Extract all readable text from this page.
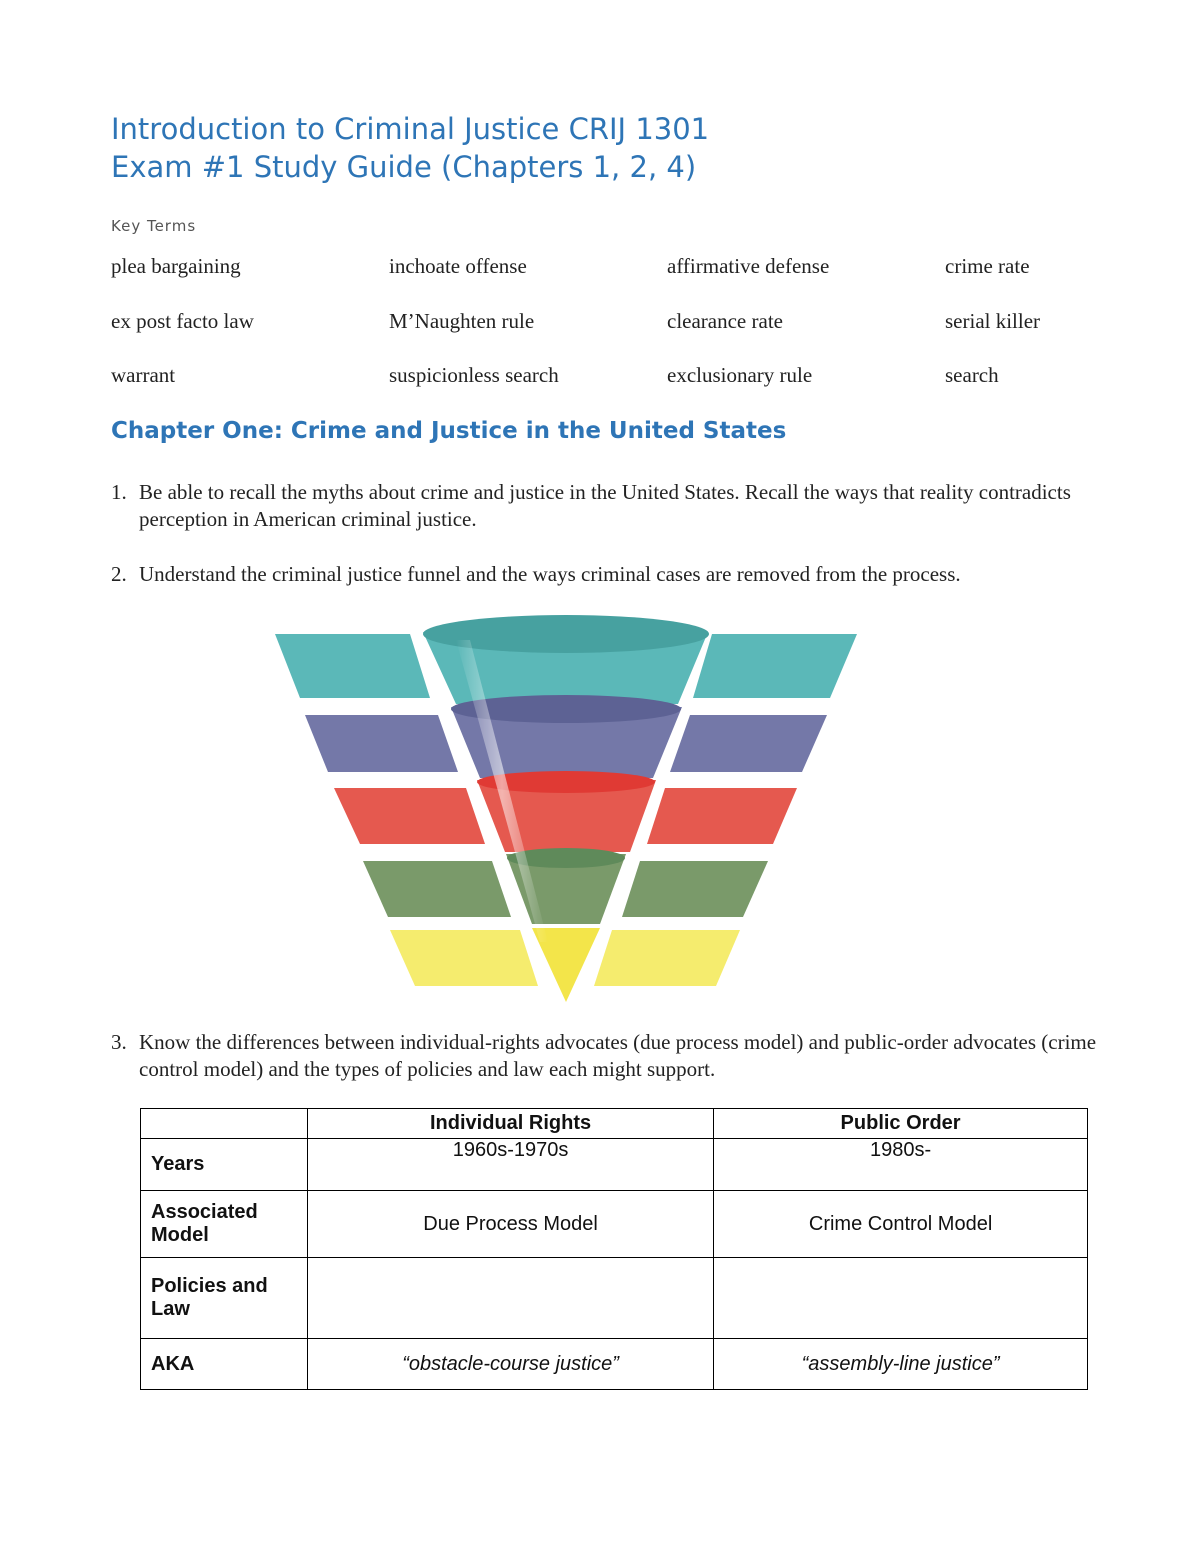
Introduction to Criminal Justice CRIJ 1301
Exam #1 Study Guide (Chapters 1, 2, 4)
Key Terms
plea bargaining	inchoate offense	affirmative defense	crime rate
ex post facto law	M’Naughten rule	clearance rate	serial killer
warrant	suspicionless search	exclusionary rule	search
Chapter One: Crime and Justice in the United States
1. Be able to recall the myths about crime and justice in the United States. Recall the ways that reality contradicts perception in American criminal justice.
2. Understand the criminal justice funnel and the ways criminal cases are removed from the process.
3. Know the differences between individual-rights advocates (due process model) and public-order advocates (crime control model) and the types of policies and law each might support.
	Individual Rights	Public Order
Years	1960s-1970s	1980s-
Associated Model	Due Process Model	Crime Control Model
Policies and Law		
AKA	“obstacle-course justice”	“assembly-line justice”
